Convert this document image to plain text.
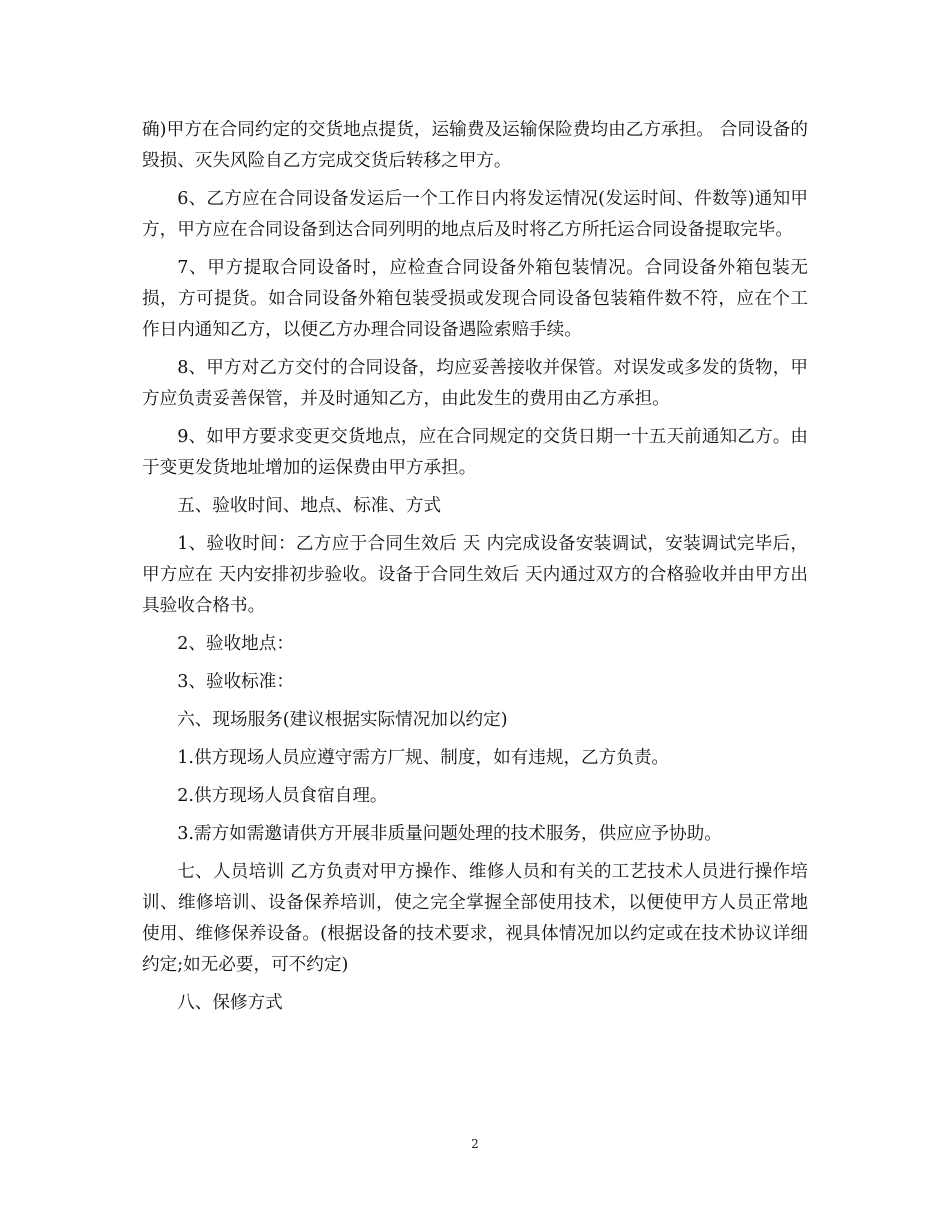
确)甲方在合同约定的交货地点提货，运输费及运输保险费均由乙方承担。 合同设备的毁损、灭失风险自乙方完成交货后转移之甲方。

6、乙方应在合同设备发运后一个工作日内将发运情况(发运时间、件数等)通知甲方，甲方应在合同设备到达合同列明的地点后及时将乙方所托运合同设备提取完毕。

7、甲方提取合同设备时，应检查合同设备外箱包装情况。合同设备外箱包装无损，方可提货。如合同设备外箱包装受损或发现合同设备包装箱件数不符，应在个工作日内通知乙方，以便乙方办理合同设备遇险索赔手续。

8、甲方对乙方交付的合同设备，均应妥善接收并保管。对误发或多发的货物，甲方应负责妥善保管，并及时通知乙方，由此发生的费用由乙方承担。

9、如甲方要求变更交货地点，应在合同规定的交货日期一十五天前通知乙方。由于变更发货地址增加的运保费由甲方承担。

五、验收时间、地点、标准、方式

1、验收时间：乙方应于合同生效后 天 内完成设备安装调试，安装调试完毕后，甲方应在 天内安排初步验收。设备于合同生效后 天内通过双方的合格验收并由甲方出具验收合格书。

2、验收地点：

3、验收标准：

六、现场服务(建议根据实际情况加以约定)

1.供方现场人员应遵守需方厂规、制度，如有违规，乙方负责。

2.供方现场人员食宿自理。

3.需方如需邀请供方开展非质量问题处理的技术服务，供应应予协助。

七、人员培训 乙方负责对甲方操作、维修人员和有关的工艺技术人员进行操作培训、维修培训、设备保养培训，使之完全掌握全部使用技术，以便使甲方人员正常地使用、维修保养设备。(根据设备的技术要求，视具体情况加以约定或在技术协议详细约定;如无必要，可不约定)

八、保修方式

2
